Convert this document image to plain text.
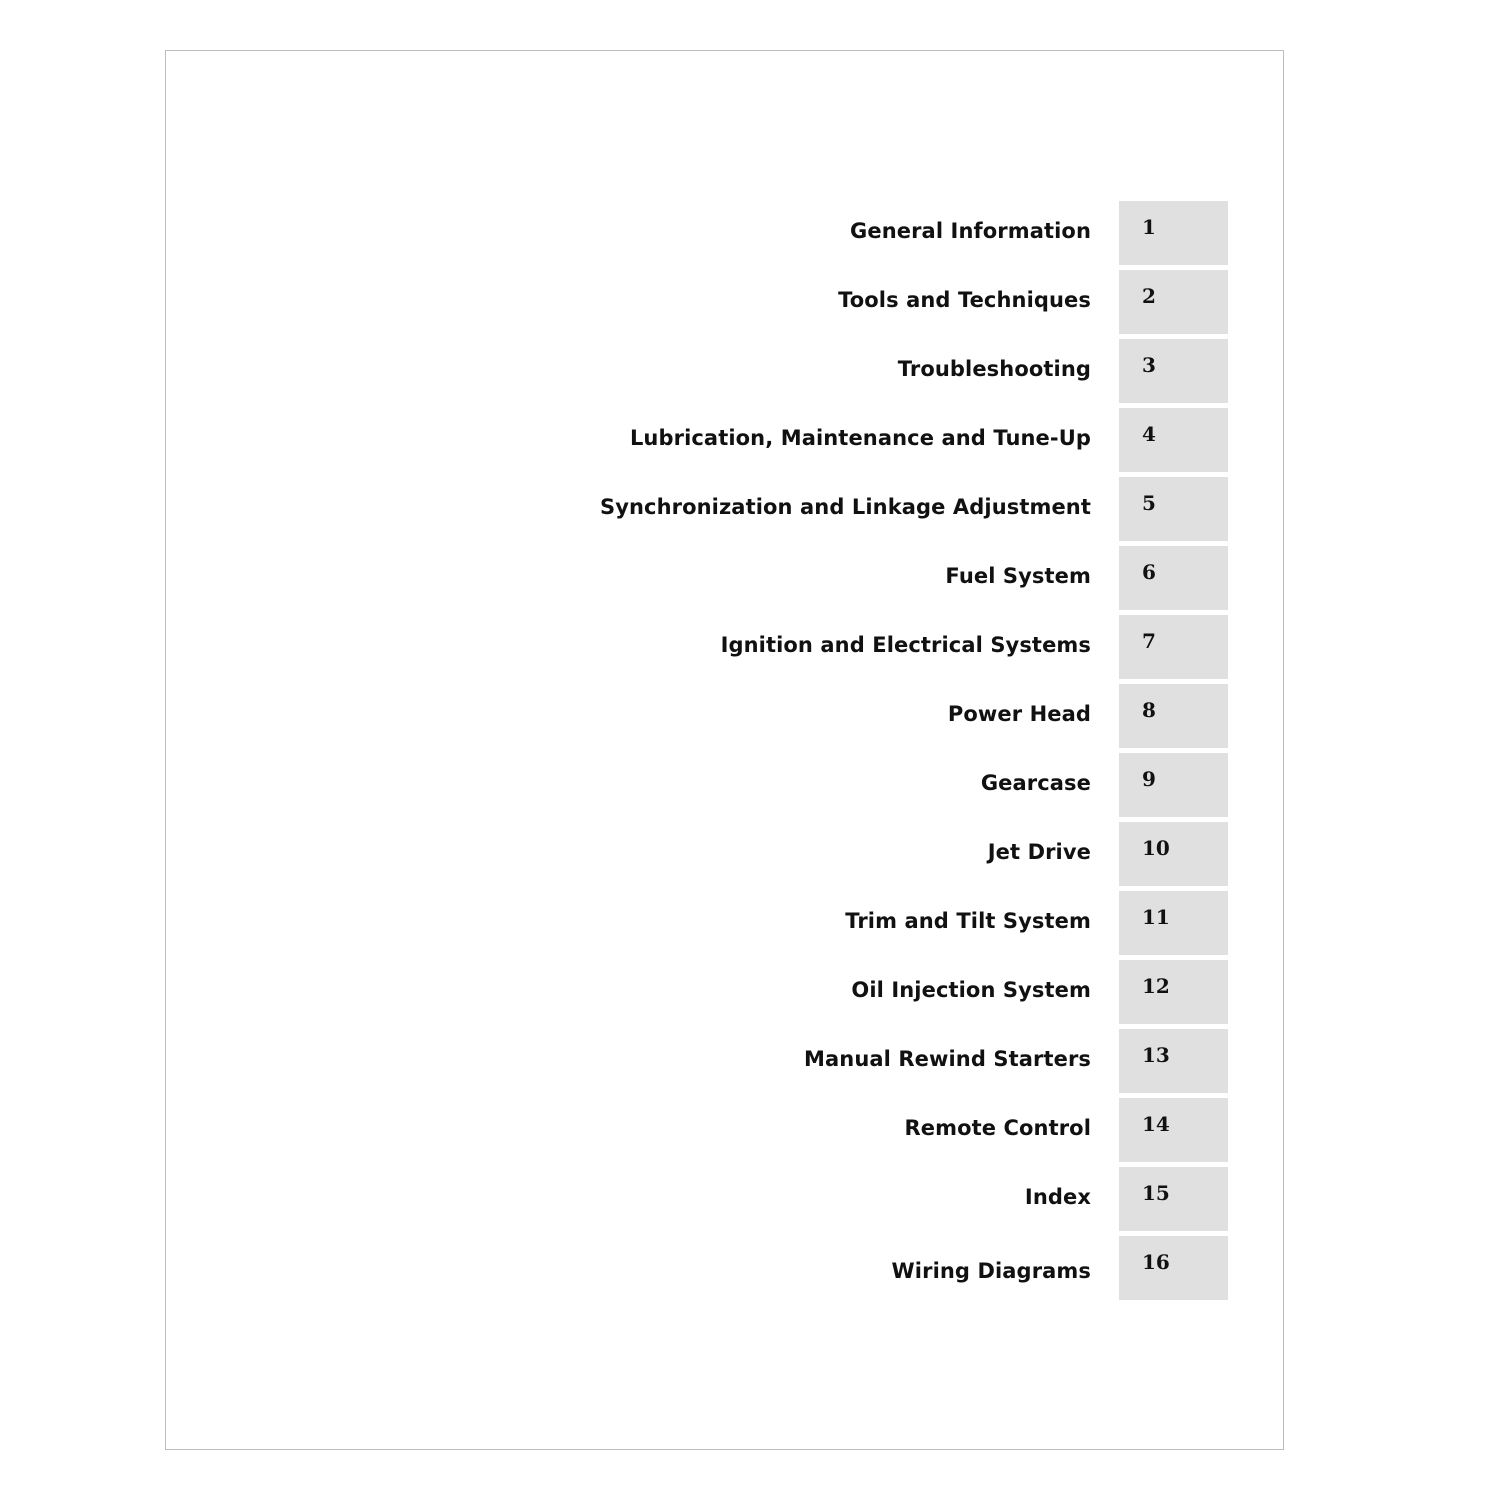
General Information	1
Tools and Techniques	2
Troubleshooting	3
Lubrication, Maintenance and Tune-Up	4
Synchronization and Linkage Adjustment	5
Fuel System	6
Ignition and Electrical Systems	7
Power Head	8
Gearcase	9
Jet Drive	10
Trim and Tilt System	11
Oil Injection System	12
Manual Rewind Starters	13
Remote Control	14
Index	15
Wiring Diagrams	16
